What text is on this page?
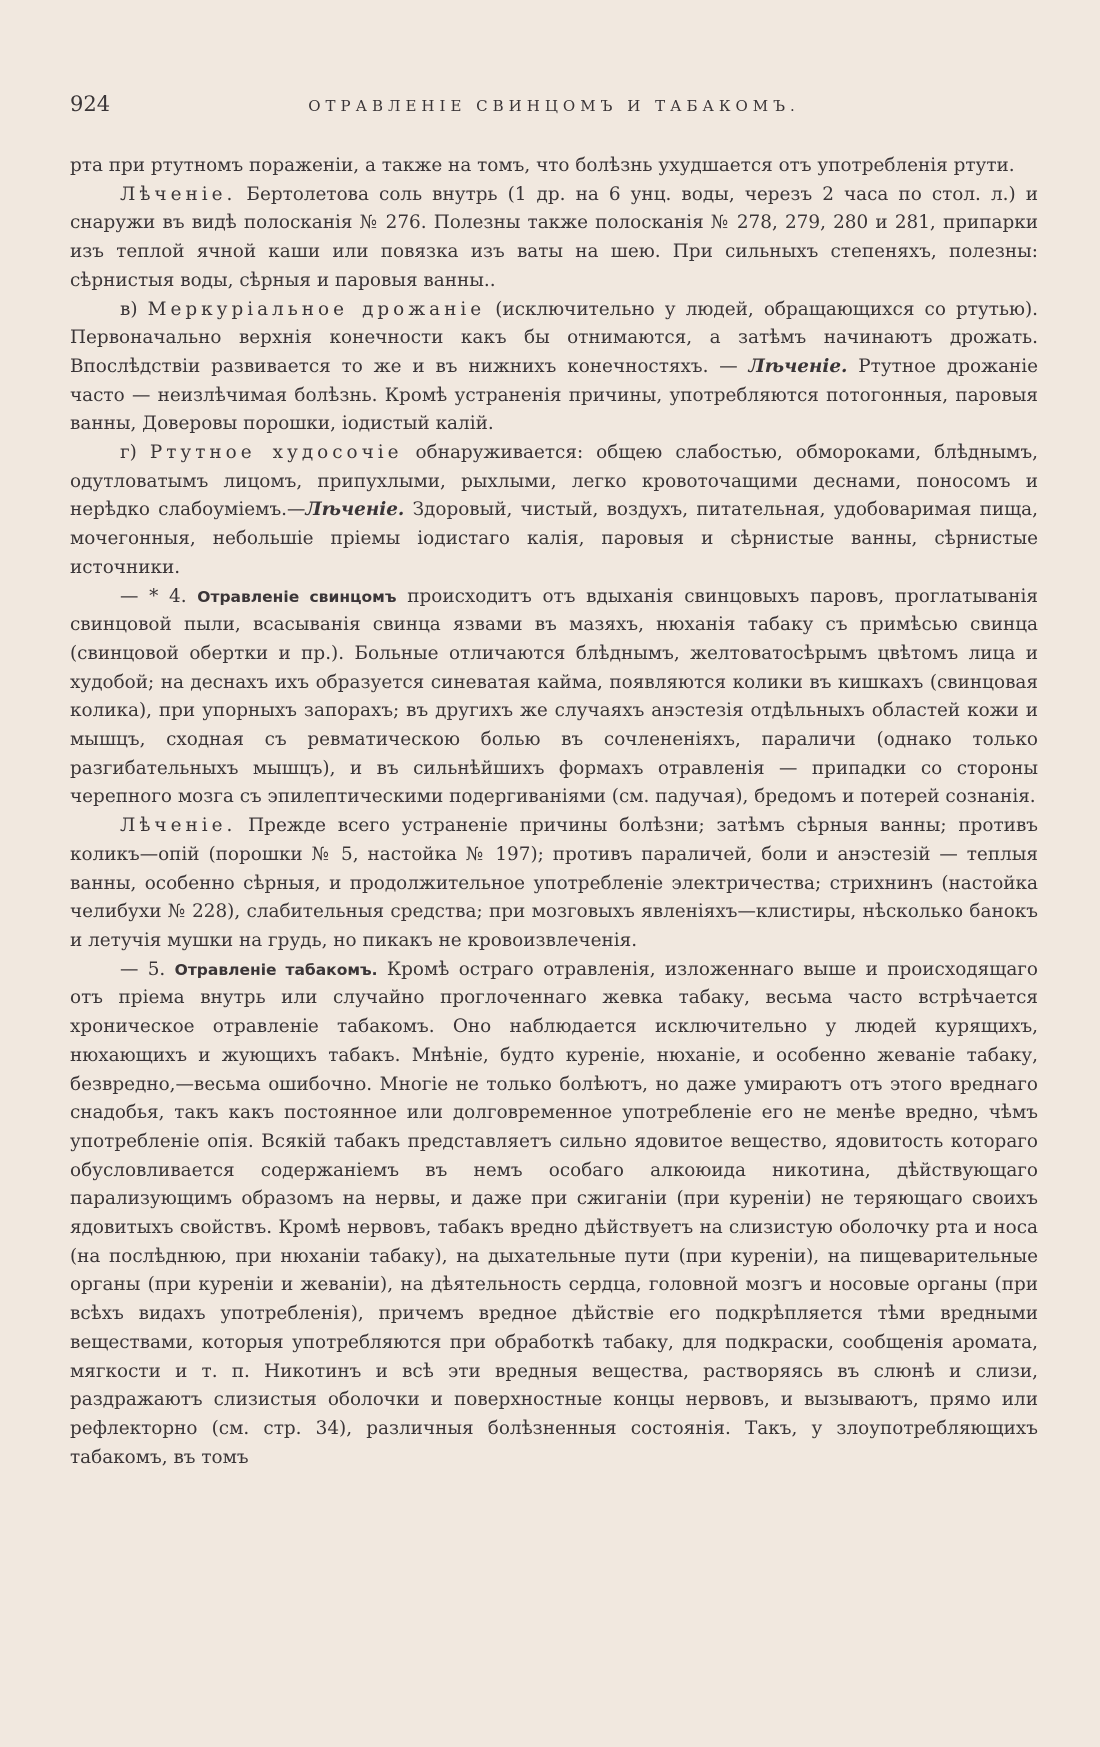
924	ОТРАВЛЕНІЕ СВИНЦОМЪ И ТАБАКОМЪ.

рта при ртутномъ пораженіи, а также на томъ, что болѣзнь ухудшается отъ употребленія ртути.

Лѣченіе. Бертолетова соль внутрь (1 др. на 6 унц. воды, черезъ 2 часа по стол. л.) и снаружи въ видѣ полосканія № 276. Полезны также полосканія № 278, 279, 280 и 281, припарки изъ теплой ячной каши или повязка изъ ваты на шею. При сильныхъ степеняхъ, полезны: сѣрнистыя воды, сѣрныя и паровыя ванны..

в) Меркуріальное дрожаніе (исключительно у людей, обращающихся со ртутью). Первоначально верхнія конечности какъ бы отнимаются, а затѣмъ начинаютъ дрожать. Впослѣдствіи развивается то же и въ нижнихъ конечностяхъ. — Лѣченіе. Ртутное дрожаніе часто — неизлѣчимая болѣзнь. Кромѣ устраненія причины, употребляются потогонныя, паровыя ванны, Доверовы порошки, іодистый калій.

г) Ртутное худосочіе обнаруживается: общею слабостью, обмороками, блѣднымъ, одутловатымъ лицомъ, припухлыми, рыхлыми, легко кровоточащими деснами, поносомъ и нерѣдко слабоуміемъ.—Лѣченіе. Здоровый, чистый, воздухъ, питательная, удобоваримая пища, мочегонныя, небольшіе пріемы іодистаго калія, паровыя и сѣрнистые ванны, сѣрнистые источники.

— * 4. Отравленіе свинцомъ происходитъ отъ вдыханія свинцовыхъ паровъ, проглатыванія свинцовой пыли, всасыванія свинца язвами въ мазяхъ, нюханія табаку съ примѣсью свинца (свинцовой обертки и пр.). Больные отличаются блѣднымъ, желтоватосѣрымъ цвѣтомъ лица и худобой; на деснахъ ихъ образуется синеватая кайма, появляются колики въ кишкахъ (свинцовая колика), при упорныхъ запорахъ; въ другихъ же случаяхъ анэстезія отдѣльныхъ областей кожи и мышцъ, сходная съ ревматическою болью въ сочлененіяхъ, параличи (однако только разгибательныхъ мышцъ), и въ сильнѣйшихъ формахъ отравленія — припадки со стороны черепного мозга съ эпилептическими подергиваніями (см. падучая), бредомъ и потерей сознанія.

Лѣченіе. Прежде всего устраненіе причины болѣзни; затѣмъ сѣрныя ванны; противъ коликъ—опій (порошки № 5, настойка № 197); противъ параличей, боли и анэстезій — теплыя ванны, особенно сѣрныя, и продолжительное употребленіе электричества; стрихнинъ (настойка челибухи № 228), слабительныя средства; при мозговыхъ явленіяхъ—клистиры, нѣсколько банокъ и летучія мушки на грудь, но пикакъ не кровоизвлеченія.

— 5. Отравленіе табакомъ. Кромѣ остраго отравленія, изложеннаго выше и происходящаго отъ пріема внутрь или случайно проглоченнаго жевка табаку, весьма часто встрѣчается хроническое отравленіе табакомъ. Оно наблюдается исключительно у людей курящихъ, нюхающихъ и жующихъ табакъ. Мнѣніе, будто куреніе, нюханіе, и особенно жеваніе табаку, безвредно,—весьма ошибочно. Многіе не только болѣютъ, но даже умираютъ отъ этого вреднаго снадобья, такъ какъ постоянное или долговременное употребленіе его не менѣе вредно, чѣмъ употребленіе опія. Всякій табакъ представляетъ сильно ядовитое вещество, ядовитость котораго обусловливается содержаніемъ въ немъ особаго алкоюида никотина, дѣйствующаго парализующимъ образомъ на нервы, и даже при сжиганіи (при куреніи) не теряющаго своихъ ядовитыхъ свойствъ. Кромѣ нервовъ, табакъ вредно дѣйствуетъ на слизистую оболочку рта и носа (на послѣднюю, при нюханіи табаку), на дыхательные пути (при куреніи), на пищеварительные органы (при куреніи и жеваніи), на дѣятельность сердца, головной мозгъ и носовые органы (при всѣхъ видахъ употребленія), причемъ вредное дѣйствіе его подкрѣпляется тѣми вредными веществами, которыя употребляются при обработкѣ табаку, для подкраски, сообщенія аромата, мягкости и т. п. Никотинъ и всѣ эти вредныя вещества, растворяясь въ слюнѣ и слизи, раздражаютъ слизистыя оболочки и поверхностные концы нервовъ, и вызываютъ, прямо или рефлекторно (см. стр. 34), различныя болѣзненныя состоянія. Такъ, у злоупотребляющихъ табакомъ, въ томъ
